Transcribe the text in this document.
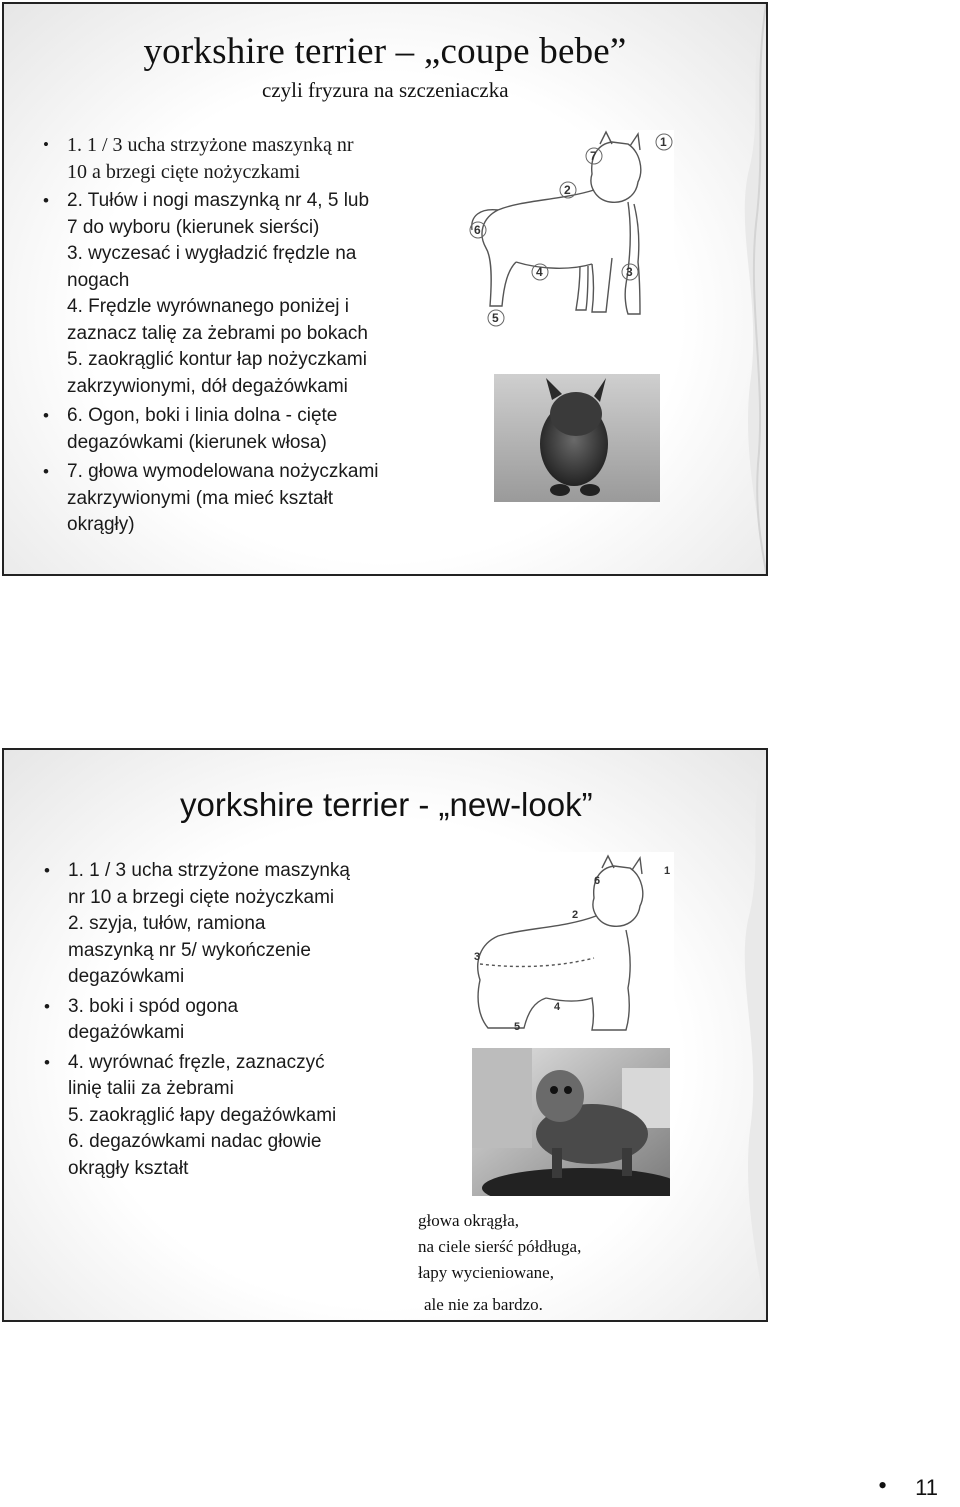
yorkshire terrier – „coupe bebe”
czyli fryzura na szczeniaczka
• 1. 1 / 3 ucha strzyżone maszynką nr
10 a brzegi cięte nożyczkami
• 2. Tułów i nogi maszynką nr 4, 5 lub
7 do wyboru (kierunek sierści)
3. wyczesać i wygładzić frędzle na
nogach
4. Frędzle wyrównanego poniżej i
zaznacz talię za żebrami po bokach
5. zaokrąglić kontur łap nożyczkami
zakrzywionymi, dół degażówkami
• 6. Ogon, boki i linia dolna - cięte
degazówkami (kierunek włosa)
• 7. głowa wymodelowana nożyczkami
zakrzywionymi (ma mieć kształt
okrągły)
7
1
2
6
4	3
5
yorkshire terrier - „new-look”
• 1. 1 / 3 ucha strzyżone maszynką
nr 10 a brzegi cięte nożyczkami
2. szyja, tułów, ramiona
maszynką nr 5/ wykończenie
degazówkami
• 3. boki i spód ogona
degażówkami
• 4. wyrównać fręzle, zaznaczyć
linię talii za żebrami
5. zaokrąglić łapy degażówkami
6. degazówkami nadac głowie
okrągły kształt
6
1
2
3
4
5
głowa okrągła,
na ciele sierść półdługa,
łapy wycieniowane,
ale nie za bardzo.
• 11
